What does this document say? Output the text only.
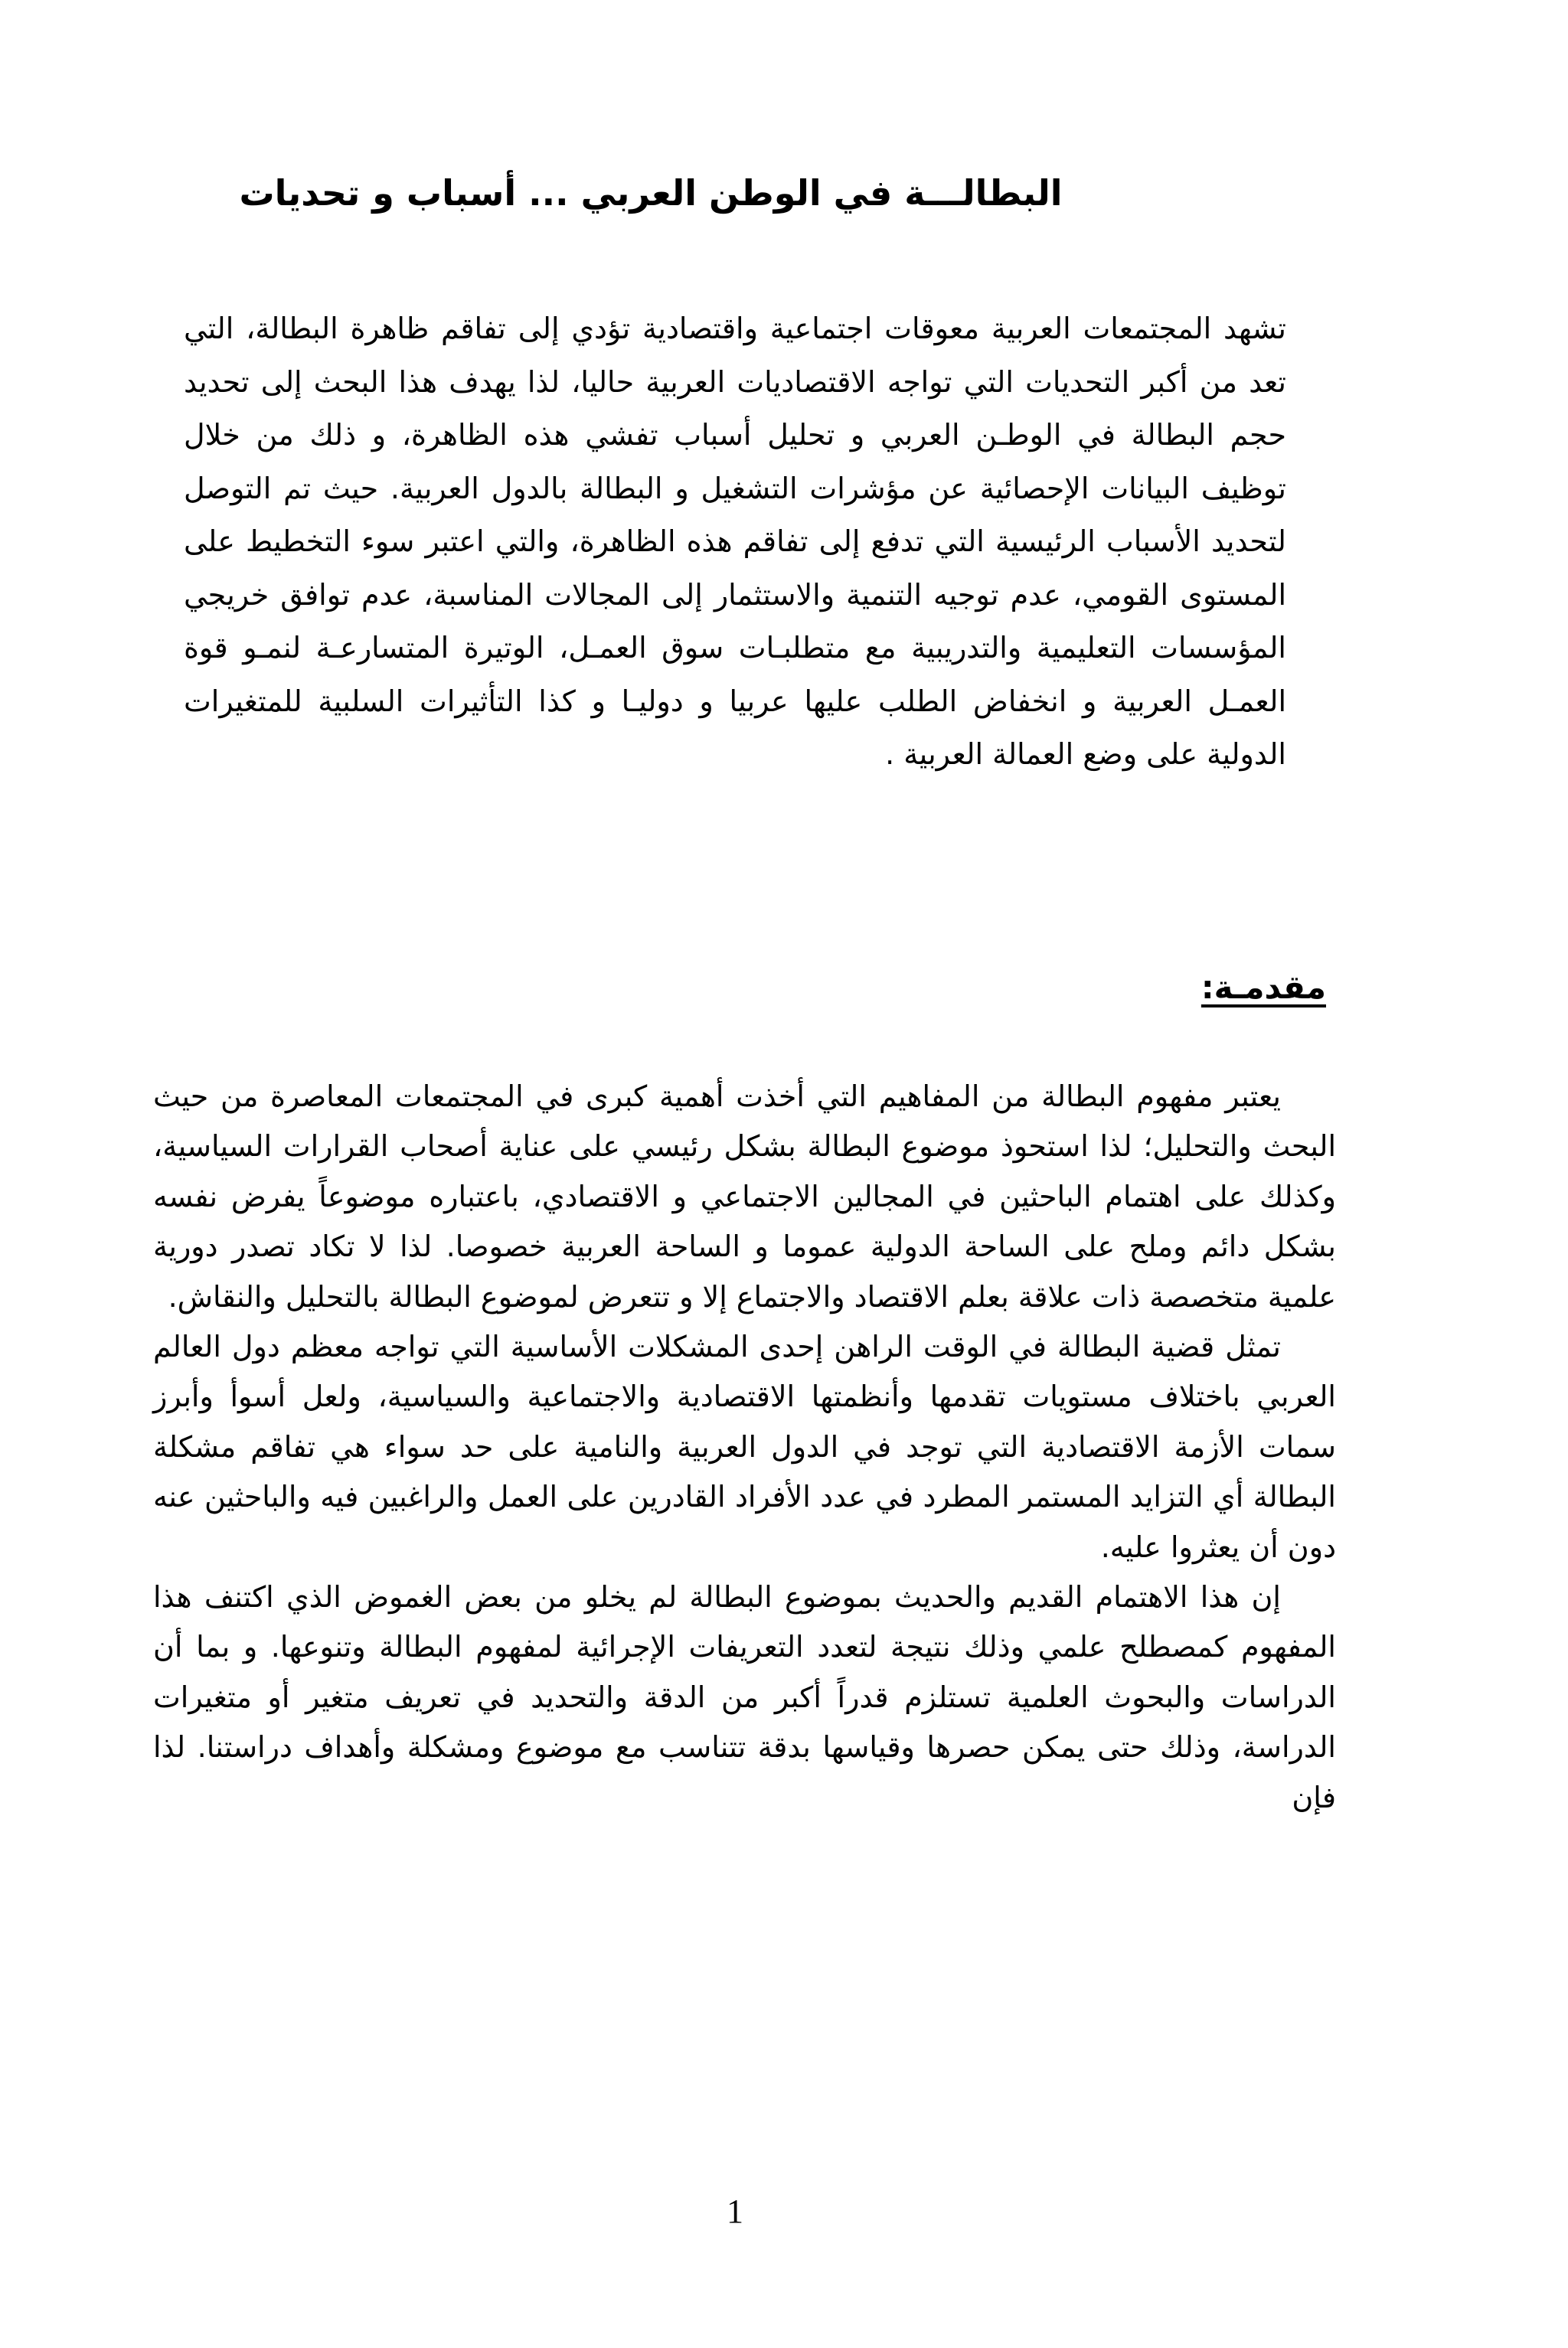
البطالـــة في الوطن العربي ... أسباب و تحديات

تشهد المجتمعات العربية معوقات اجتماعية واقتصادية تؤدي إلى تفاقم ظاهرة البطالة، التي تعد من أكبر التحديات التي تواجه الاقتصاديات العربية حاليا، لذا يهدف هذا البحث إلى تحديد حجم البطالة في الوطـن العربي و تحليل أسباب تفشي هذه الظاهرة، و ذلك من خلال توظيف البيانات الإحصائية عن مؤشرات التشغيل و البطالة بالدول العربية. حيث تم التوصل لتحديد الأسباب الرئيسية التي تدفع إلى تفاقم هذه الظاهرة، والتي اعتبر سوء التخطيط على المستوى القومي، عدم توجيه التنمية والاستثمار إلى المجالات المناسبة، عدم توافق خريجي المؤسسات التعليمية والتدريبية مع متطلبـات سوق العمـل، الوتيرة المتسارعـة لنمـو قوة العمـل العربية و انخفاض الطلب عليها عربيا و دوليـا و كذا التأثيرات السلبية للمتغيرات الدولية على وضع العمالة العربية .

مقدمـة:

يعتبر مفهوم البطالة من المفاهيم التي أخذت أهمية كبرى في المجتمعات المعاصرة من حيث البحث والتحليل؛ لذا استحوذ موضوع البطالة بشكل رئيسي على عناية أصحاب القرارات السياسية، وكذلك على اهتمام الباحثين في المجالين الاجتماعي و الاقتصادي، باعتباره موضوعاً يفرض نفسه بشكل دائم وملح على الساحة الدولية عموما و الساحة العربية خصوصا. لذا لا تكاد تصدر دورية علمية متخصصة ذات علاقة بعلم الاقتصاد والاجتماع إلا و تتعرض لموضوع البطالة بالتحليل والنقاش.

تمثل قضية البطالة في الوقت الراهن إحدى المشكلات الأساسية التي تواجه معظم دول العالم العربي باختلاف مستويات تقدمها وأنظمتها الاقتصادية والاجتماعية والسياسية، ولعل أسوأ وأبرز سمات الأزمة الاقتصادية التي توجد في الدول العربية والنامية على حد سواء هي تفاقم مشكلة البطالة أي التزايد المستمر المطرد في عدد الأفراد القادرين على العمل والراغبين فيه والباحثين عنه دون أن يعثروا عليه.

إن هذا الاهتمام القديم والحديث بموضوع البطالة لم يخلو من بعض الغموض الذي اكتنف هذا المفهوم كمصطلح علمي وذلك نتيجة لتعدد التعريفات الإجرائية لمفهوم البطالة وتنوعها. و بما أن الدراسات والبحوث العلمية تستلزم قدراً أكبر من الدقة والتحديد في تعريف متغير أو متغيرات الدراسة، وذلك حتى يمكن حصرها وقياسها بدقة تتناسب مع موضوع ومشكلة وأهداف دراستنا. لذا فإن

1
